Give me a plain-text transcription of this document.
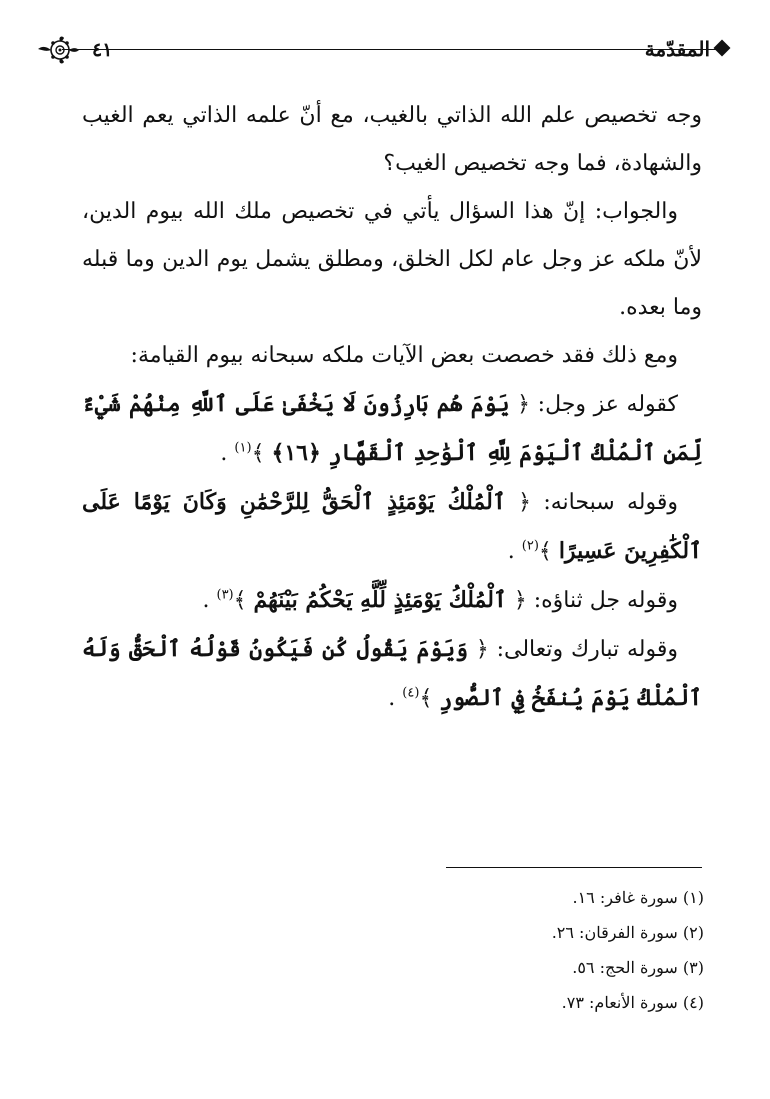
المقدّمة
٤١

وجه تخصيص علم الله الذاتي بالغيب، مع أنّ علمه الذاتي يعم الغيب والشهادة، فما وجه تخصيص الغيب؟

والجواب: إنّ هذا السؤال يأتي في تخصيص ملك الله بيوم الدين، لأنّ ملكه عز وجل عام لكل الخلق، ومطلق يشمل يوم الدين وما قبله وما بعده.

ومع ذلك فقد خصصت بعض الآيات ملكه سبحانه بيوم القيامة:

كقوله عز وجل: ﴿ يَوْمَ هُم بَارِزُونَ لَا يَخْفَىٰ عَلَى ٱللَّهِ مِنْهُمْ شَيْءٌ لِّمَنِ ٱلْمُلْكُ ٱلْيَوْمَ لِلَّهِ ٱلْوَٰحِدِ ٱلْقَهَّارِ ﴿١٦﴾ ﴾$^{(١)}$ .

وقوله سبحانه: ﴿ ٱلْمُلْكُ يَوْمَئِذٍ ٱلْحَقُّ لِلرَّحْمَٰنِ وَكَانَ يَوْمًا عَلَى ٱلْكَٰفِرِينَ عَسِيرًا ﴾$^{(٢)}$ .

وقوله جل ثناؤه: ﴿ ٱلْمُلْكُ يَوْمَئِذٍ لِّلَّهِ يَحْكُمُ بَيْنَهُمْ ﴾$^{(٣)}$ .

وقوله تبارك وتعالى: ﴿ وَيَوْمَ يَقُولُ كُن فَيَكُونُ قَوْلُهُ ٱلْحَقُّ وَلَهُ ٱلْمُلْكُ يَوْمَ يُنفَخُ فِي ٱلصُّورِ ﴾$^{(٤)}$ .

(١) سورة غافر: ١٦.
(٢) سورة الفرقان: ٢٦.
(٣) سورة الحج: ٥٦.
(٤) سورة الأنعام: ٧٣.
